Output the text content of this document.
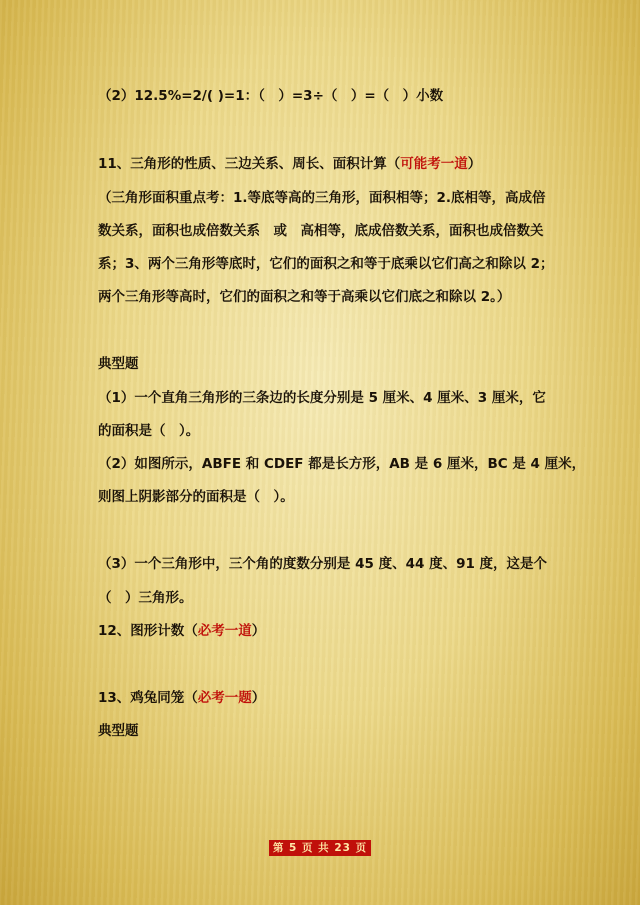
（2）12.5%=2/( )=1：（　）=3÷（　）=（　）小数
11、三角形的性质、三边关系、周长、面积计算（可能考一道）
（三角形面积重点考：1.等底等高的三角形，面积相等；2.底相等，高成倍
数关系，面积也成倍数关系　或　高相等，底成倍数关系，面积也成倍数关
系；3、两个三角形等底时，它们的面积之和等于底乘以它们高之和除以 2；
两个三角形等高时，它们的面积之和等于高乘以它们底之和除以 2。）
典型题
（1）一个直角三角形的三条边的长度分别是 5 厘米、4 厘米、3 厘米，它
的面积是（　）。
（2）如图所示，ABFE 和 CDEF 都是长方形，AB 是 6 厘米，BC 是 4 厘米，
则图上阴影部分的面积是（　）。
（3）一个三角形中，三个角的度数分别是 45 度、44 度、91 度，这是个
（　）三角形。
12、图形计数（必考一道）
13、鸡兔同笼（必考一题）
典型题
第 5 页 共 23 页
